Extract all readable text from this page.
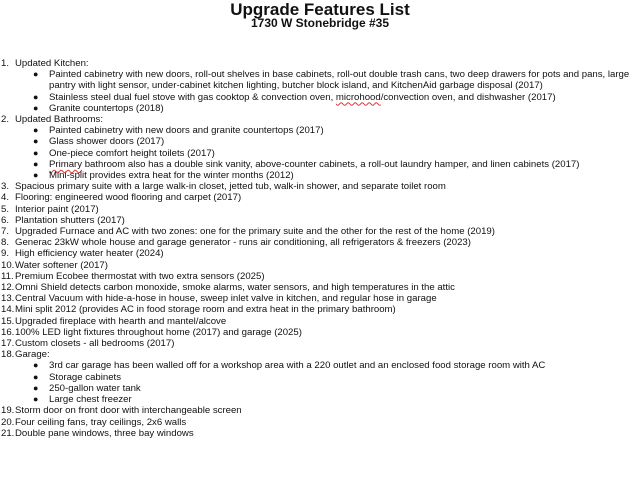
Upgrade Features List
1730 W Stonebridge #35
1. Updated Kitchen:
● Painted cabinetry with new doors, roll-out shelves in base cabinets, roll-out double trash cans, two deep drawers for pots and pans, large pantry with light sensor, under-cabinet kitchen lighting, butcher block island, and KitchenAid garbage disposal (2017)
● Stainless steel dual fuel stove with gas cooktop & convection oven, microhood/convection oven, and dishwasher (2017)
● Granite countertops (2018)
2. Updated Bathrooms:
● Painted cabinetry with new doors and granite countertops (2017)
● Glass shower doors (2017)
● One-piece comfort height toilets (2017)
● Primary bathroom also has a double sink vanity, above-counter cabinets, a roll-out laundry hamper, and linen cabinets (2017)
● Mini-split provides extra heat for the winter months (2012)
3. Spacious primary suite with a large walk-in closet, jetted tub, walk-in shower, and separate toilet room
4. Flooring: engineered wood flooring and carpet (2017)
5. Interior paint (2017)
6. Plantation shutters (2017)
7. Upgraded Furnace and AC with two zones: one for the primary suite and the other for the rest of the home (2019)
8. Generac 23kW whole house and garage generator - runs air conditioning, all refrigerators & freezers (2023)
9. High efficiency water heater (2024)
10. Water softener (2017)
11. Premium Ecobee thermostat with two extra sensors (2025)
12. Omni Shield detects carbon monoxide, smoke alarms, water sensors, and high temperatures in the attic
13. Central Vacuum with hide-a-hose in house, sweep inlet valve in kitchen, and regular hose in garage
14. Mini split 2012 (provides AC in food storage room and extra heat in the primary bathroom)
15. Upgraded fireplace with hearth and mantel/alcove
16. 100% LED light fixtures throughout home (2017) and garage (2025)
17. Custom closets - all bedrooms (2017)
18. Garage:
● 3rd car garage has been walled off for a workshop area with a 220 outlet and an enclosed food storage room with AC
● Storage cabinets
● 250-gallon water tank
● Large chest freezer
19. Storm door on front door with interchangeable screen
20. Four ceiling fans, tray ceilings, 2x6 walls
21. Double pane windows, three bay windows
